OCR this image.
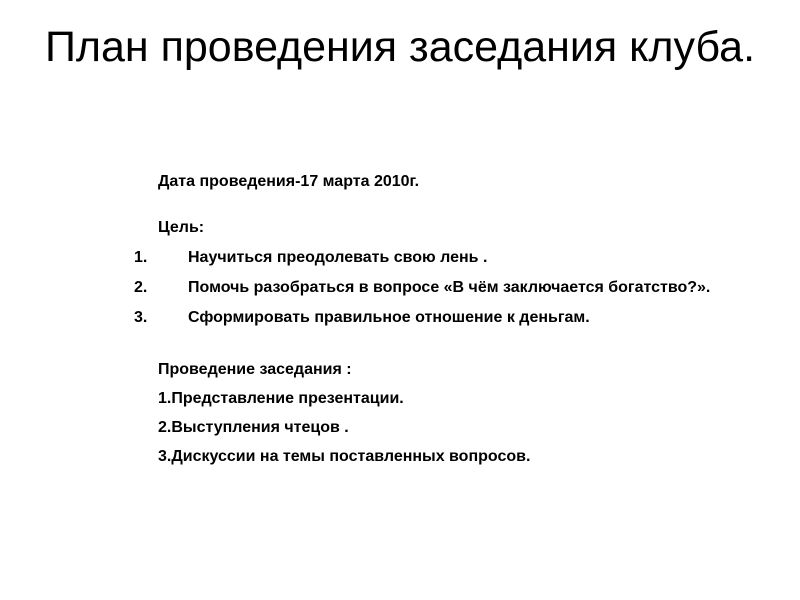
План проведения заседания клуба.
Дата проведения-17 марта 2010г.
Цель:
1.	Научиться преодолевать свою лень .
2.	Помочь разобраться в вопросе «В чём заключается богатство?».
3.	Сформировать правильное отношение к деньгам.
Проведение заседания :
1.Представление презентации.
2.Выступления чтецов .
3.Дискуссии на темы поставленных вопросов.
